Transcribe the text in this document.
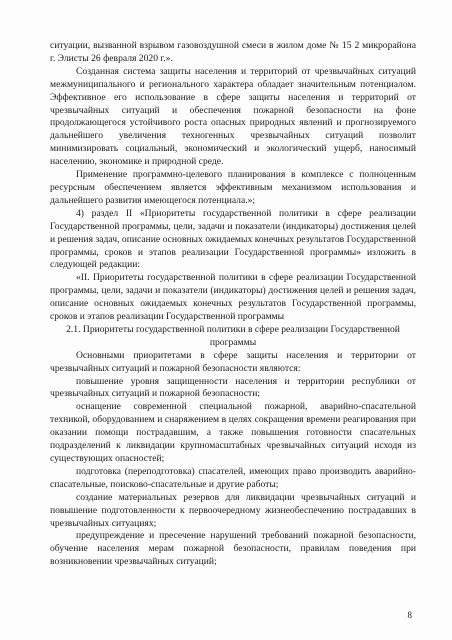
ситуации, вызванной взрывом газовоздушной смеси в жилом доме № 15 2 микрорайона г. Элисты 26 февраля 2020 г.».

Созданная система защиты населения и территорий от чрезвычайных ситуаций межмуниципального и регионального характера обладает значительным потенциалом. Эффективное его использование в сфере защиты населения и территорий от чрезвычайных ситуаций и обеспечения пожарной безопасности на фоне продолжающегося устойчивого роста опасных природных явлений и прогнозируемого дальнейшего увеличения техногенных чрезвычайных ситуаций позволит минимизировать социальный, экономический и экологический ущерб, наносимый населению, экономике и природной среде.

Применение программно-целевого планирования в комплексе с полноценным ресурсным обеспечением является эффективным механизмом использования и дальнейшего развития имеющегося потенциала.»;

4) раздел II «Приоритеты государственной политики в сфере реализации Государственной программы, цели, задачи и показатели (индикаторы) достижения целей и решения задач, описание основных ожидаемых конечных результатов Государственной программы, сроков и этапов реализации Государственной программы» изложить в следующей редакции:

«II. Приоритеты государственной политики в сфере реализации Государственной программы, цели, задачи и показатели (индикаторы) достижения целей и решения задач, описание основных ожидаемых конечных результатов Государственной программы, сроков и этапов реализации Государственной программы

2.1. Приоритеты государственной политики в сфере реализации Государственной программы

Основными приоритетами в сфере защиты населения и территории от чрезвычайных ситуаций и пожарной безопасности являются:

повышение уровня защищенности населения и территории республики от чрезвычайных ситуаций и пожарной безопасности;

оснащение современной специальной пожарной, аварийно-спасательной техникой, оборудованием и снаряжением в целях сокращения времени реагирования при оказании помощи пострадавшим, а также повышения готовности спасательных подразделений к ликвидации крупномасштабных чрезвычайных ситуаций исходя из существующих опасностей;

подготовка (переподготовка) спасателей, имеющих право производить аварийно-спасательные, поисково-спасательные и другие работы;

создание материальных резервов для ликвидации чрезвычайных ситуаций и повышение подготовленности к первоочередному жизнеобеспечению пострадавших в чрезвычайных ситуациях;

предупреждение и пресечение нарушений требований пожарной безопасности, обучение населения мерам пожарной безопасности, правилам поведения при возникновении чрезвычайных ситуаций;

8
